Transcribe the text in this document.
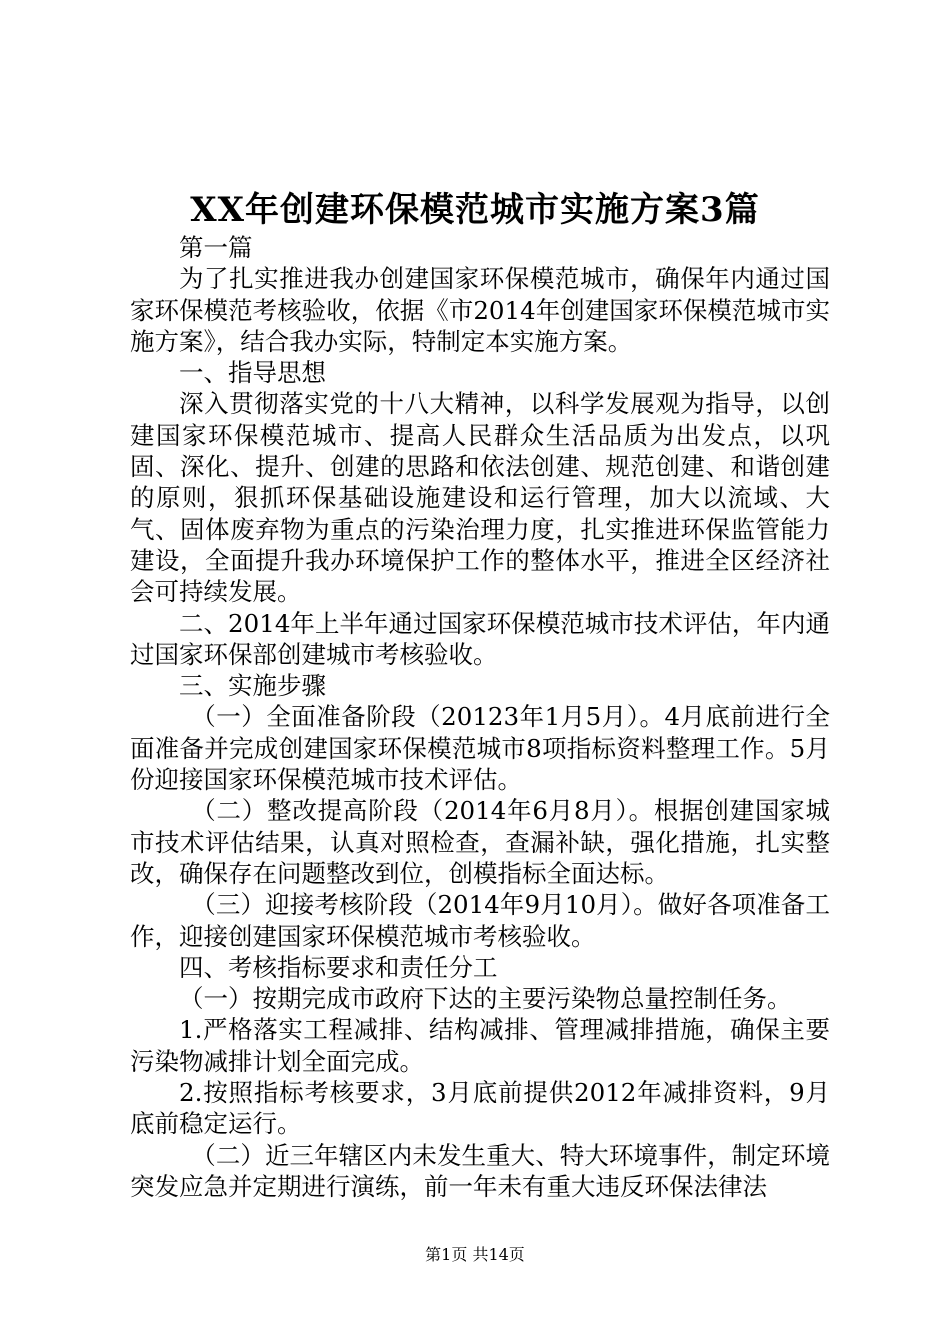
XX年创建环保模范城市实施方案3篇

第一篇

为了扎实推进我办创建国家环保模范城市，确保年内通过国家环保模范考核验收，依据《市2014年创建国家环保模范城市实施方案》，结合我办实际，特制定本实施方案。

一、指导思想

深入贯彻落实党的十八大精神，以科学发展观为指导，以创建国家环保模范城市、提高人民群众生活品质为出发点，以巩固、深化、提升、创建的思路和依法创建、规范创建、和谐创建的原则，狠抓环保基础设施建设和运行管理，加大以流域、大气、固体废弃物为重点的污染治理力度，扎实推进环保监管能力建设，全面提升我办环境保护工作的整体水平，推进全区经济社会可持续发展。

二、2014年上半年通过国家环保模范城市技术评估，年内通过国家环保部创建城市考核验收。

三、实施步骤

（一）全面准备阶段（20123年1月5月）。4月底前进行全面准备并完成创建国家环保模范城市8项指标资料整理工作。5月份迎接国家环保模范城市技术评估。

（二）整改提高阶段（2014年6月8月）。根据创建国家城市技术评估结果，认真对照检查，查漏补缺，强化措施，扎实整改，确保存在问题整改到位，创模指标全面达标。

（三）迎接考核阶段（2014年9月10月）。做好各项准备工作，迎接创建国家环保模范城市考核验收。

四、考核指标要求和责任分工

（一）按期完成市政府下达的主要污染物总量控制任务。

1.严格落实工程减排、结构减排、管理减排措施，确保主要污染物减排计划全面完成。

2.按照指标考核要求，3月底前提供2012年减排资料，9月底前稳定运行。

（二）近三年辖区内未发生重大、特大环境事件，制定环境突发应急并定期进行演练，前一年未有重大违反环保法律法

第1页 共14页
